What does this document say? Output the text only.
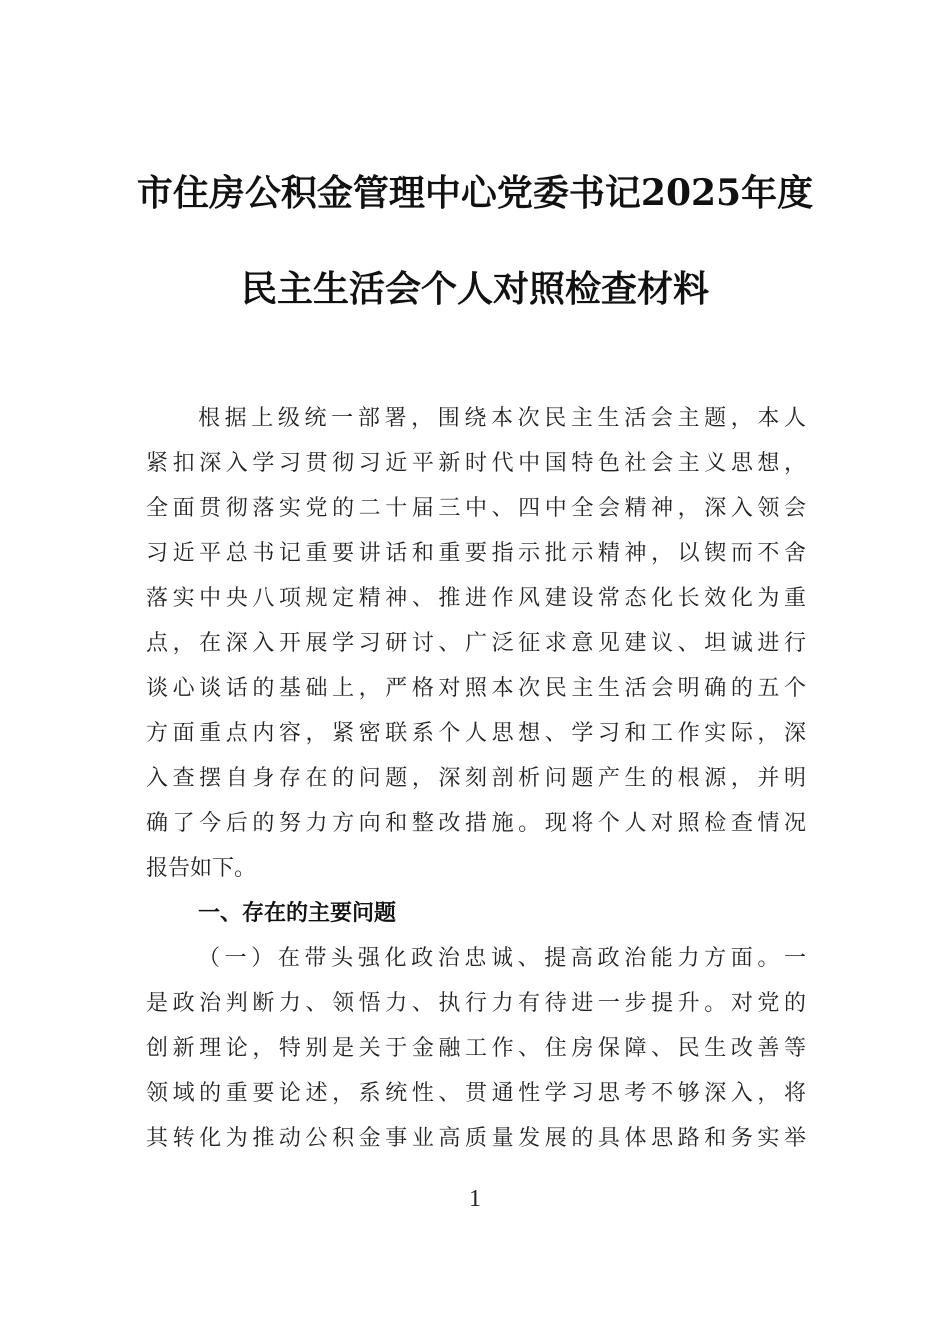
市住房公积金管理中心党委书记2025年度
民主生活会个人对照检查材料
根据上级统一部署，围绕本次民主生活会主题，本人
紧扣深入学习贯彻习近平新时代中国特色社会主义思想，
全面贯彻落实党的二十届三中、四中全会精神，深入领会
习近平总书记重要讲话和重要指示批示精神，以锲而不舍
落实中央八项规定精神、推进作风建设常态化长效化为重
点，在深入开展学习研讨、广泛征求意见建议、坦诚进行
谈心谈话的基础上，严格对照本次民主生活会明确的五个
方面重点内容，紧密联系个人思想、学习和工作实际，深
入查摆自身存在的问题，深刻剖析问题产生的根源，并明
确了今后的努力方向和整改措施。现将个人对照检查情况
报告如下。
一、存在的主要问题
（一）在带头强化政治忠诚、提高政治能力方面。一
是政治判断力、领悟力、执行力有待进一步提升。对党的
创新理论，特别是关于金融工作、住房保障、民生改善等
领域的重要论述，系统性、贯通性学习思考不够深入，将
其转化为推动公积金事业高质量发展的具体思路和务实举
1
